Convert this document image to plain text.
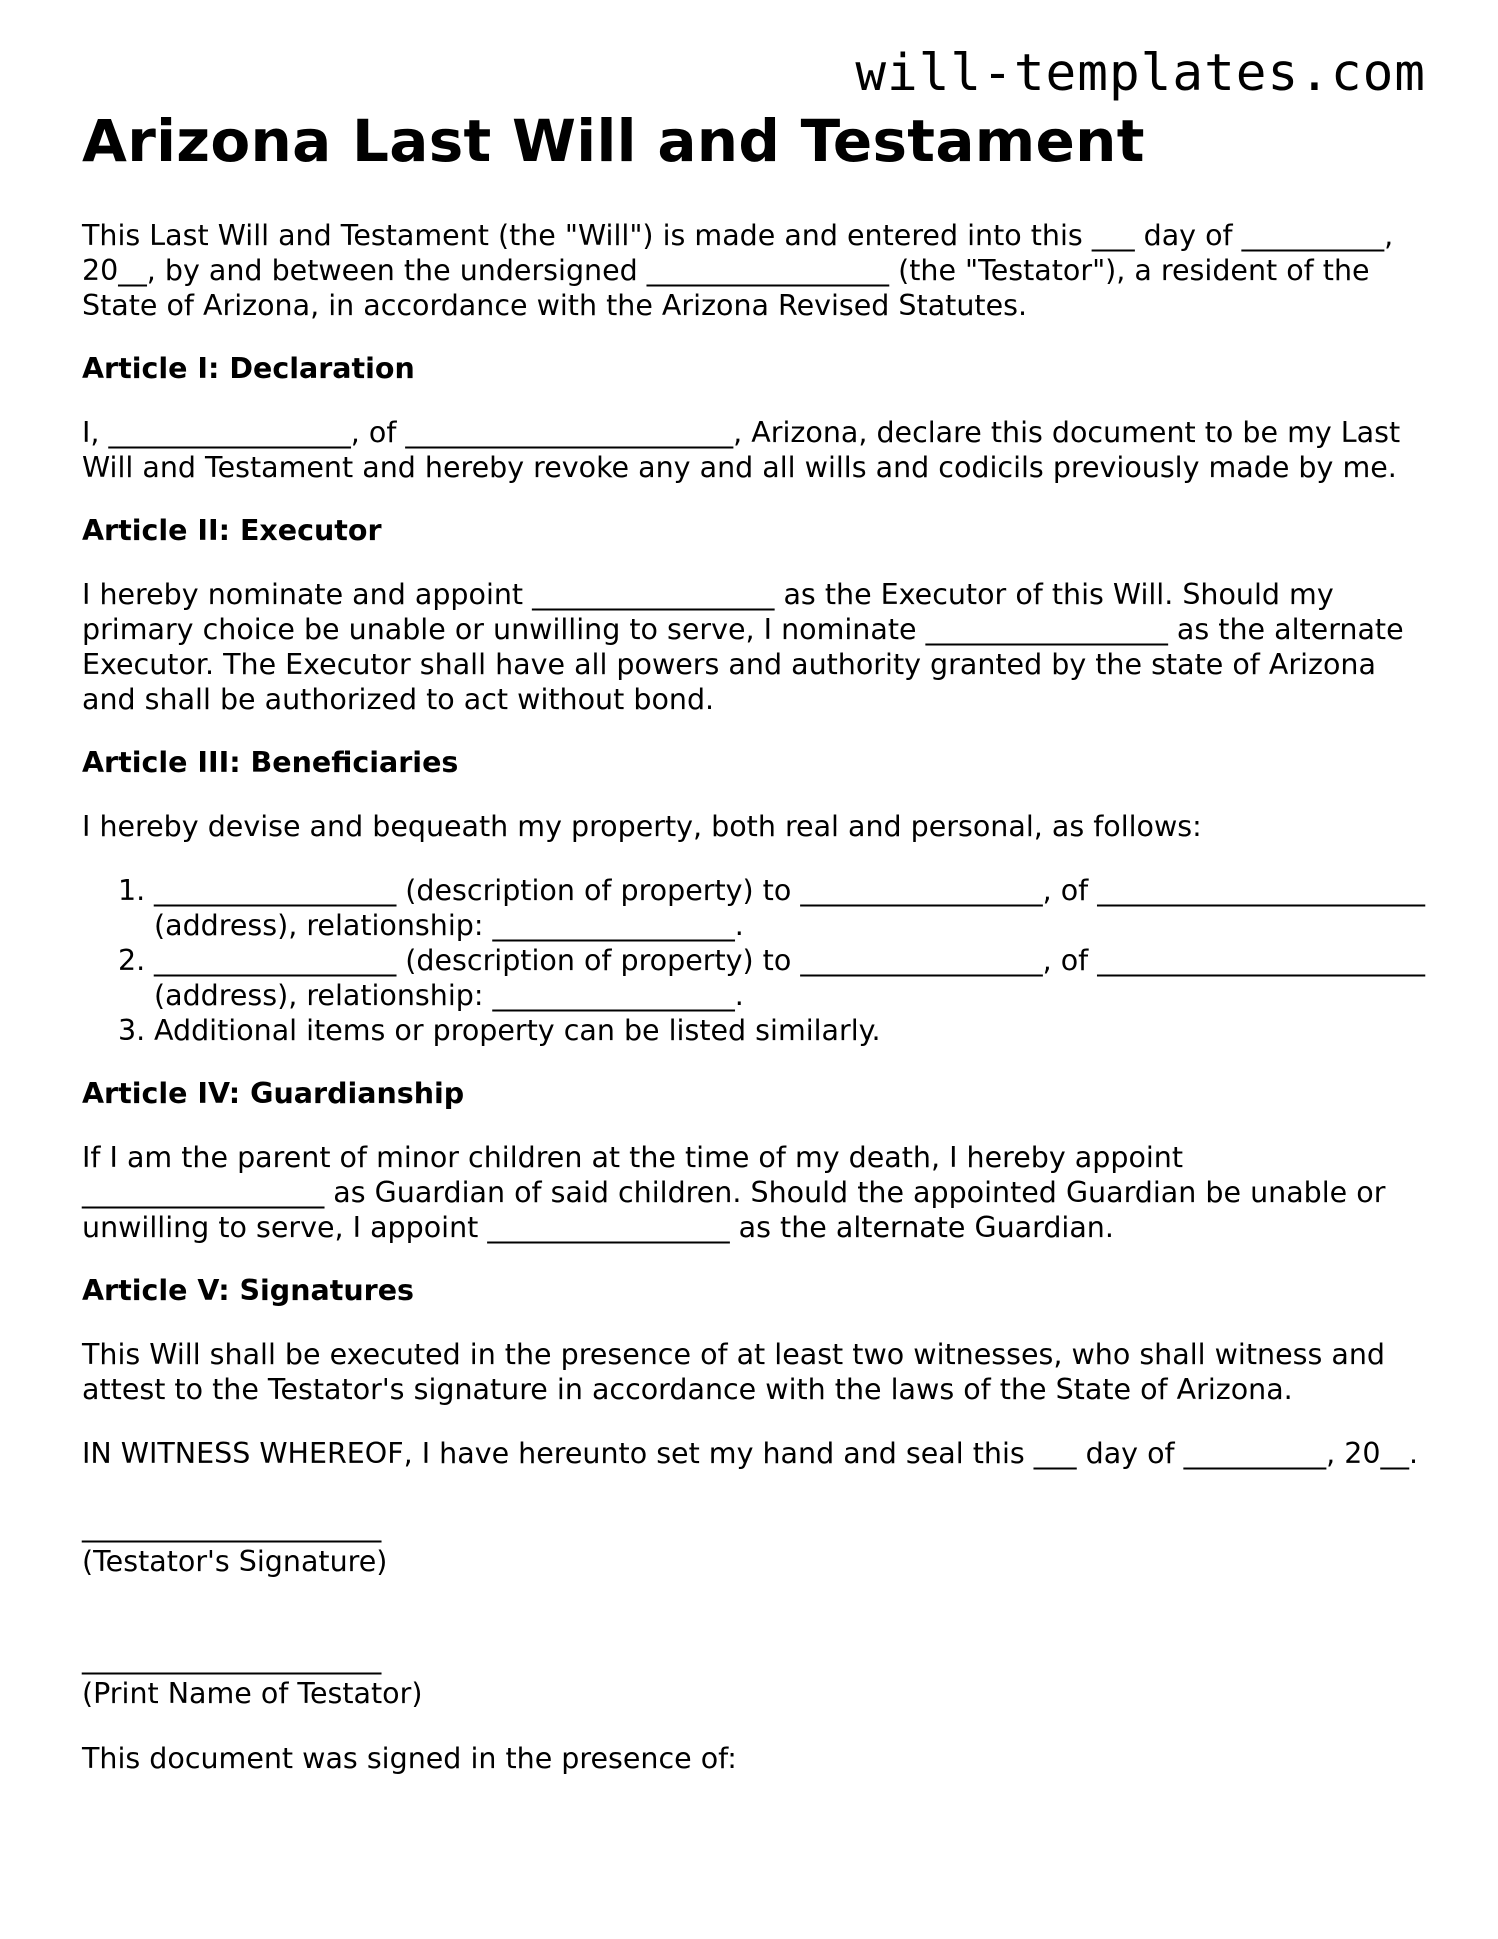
will-templates.com
Arizona Last Will and Testament

This Last Will and Testament (the "Will") is made and entered into this ___ day of __________, 20__, by and between the undersigned _________________ (the "Testator"), a resident of the State of Arizona, in accordance with the Arizona Revised Statutes.

Article I: Declaration

I, _________________, of _______________________, Arizona, declare this document to be my Last Will and Testament and hereby revoke any and all wills and codicils previously made by me.

Article II: Executor

I hereby nominate and appoint _________________ as the Executor of this Will. Should my primary choice be unable or unwilling to serve, I nominate _________________ as the alternate Executor. The Executor shall have all powers and authority granted by the state of Arizona and shall be authorized to act without bond.

Article III: Beneficiaries

I hereby devise and bequeath my property, both real and personal, as follows:

1. _________________ (description of property) to _________________, of _______________________ (address), relationship: _________________.
2. _________________ (description of property) to _________________, of _______________________ (address), relationship: _________________.
3. Additional items or property can be listed similarly.
Article IV: Guardianship

If I am the parent of minor children at the time of my death, I hereby appoint _________________ as Guardian of said children. Should the appointed Guardian be unable or unwilling to serve, I appoint _________________ as the alternate Guardian.

Article V: Signatures

This Will shall be executed in the presence of at least two witnesses, who shall witness and attest to the Testator's signature in accordance with the laws of the State of Arizona.

IN WITNESS WHEREOF, I have hereunto set my hand and seal this ___ day of __________, 20__.

_____________________
(Testator's Signature)
_____________________
(Print Name of Testator)

This document was signed in the presence of:
